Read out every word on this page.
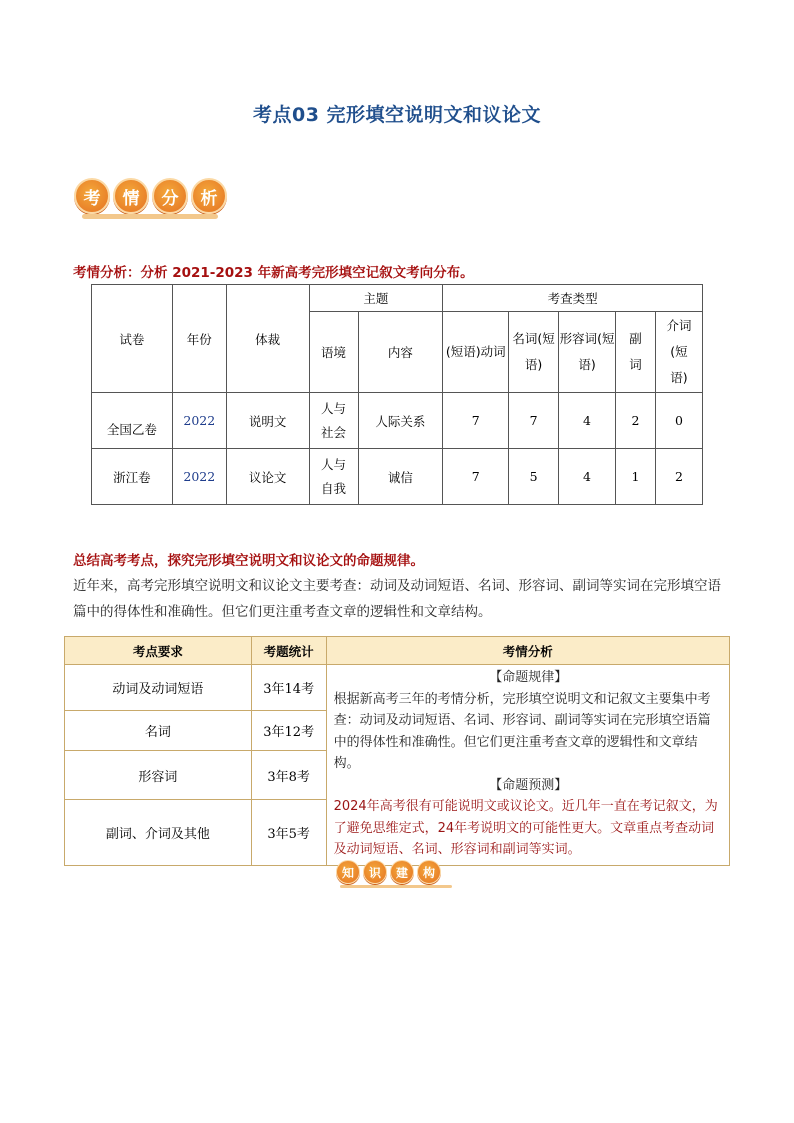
考点03 完形填空说明文和议论文
考	情	分	析
考情分析：分析 2021-2023 年新高考完形填空记叙文考向分布。
试卷	年份	体裁	主题		考查类型				
			语境	内容	(短语)动词	名词(短语)	形容词(短语)	副词	介词(短语)
全国乙卷	2022	说明文	人与社会	人际关系	7	7	4	2	0
浙江卷	2022	议论文	人与自我	诚信	7	5	4	1	2
总结高考考点，探究完形填空说明文和议论文的命题规律。
近年来，高考完形填空说明文和议论文主要考查：动词及动词短语、名词、形容词、副词等实词在完形填空语篇中的得体性和准确性。但它们更注重考查文章的逻辑性和文章结构。
考点要求	考题统计	考情分析
动词及动词短语	3年14考	【命题规律】
根据新高考三年的考情分析，完形填空说明文和记叙文主要集中考查：动词及动词短语、名词、形容词、副词等实词在完形填空语篇中的得体性和准确性。但它们更注重考查文章的逻辑性和文章结构。
【命题预测】
2024年高考很有可能说明文或议论文。近几年一直在考记叙文，为了避免思维定式，24年考说明文的可能性更大。文章重点考查动词及动词短语、名词、形容词和副词等实词。
名词	3年12考	
形容词	3年8考	
副词、介词及其他	3年5考	
知	识	建	构
